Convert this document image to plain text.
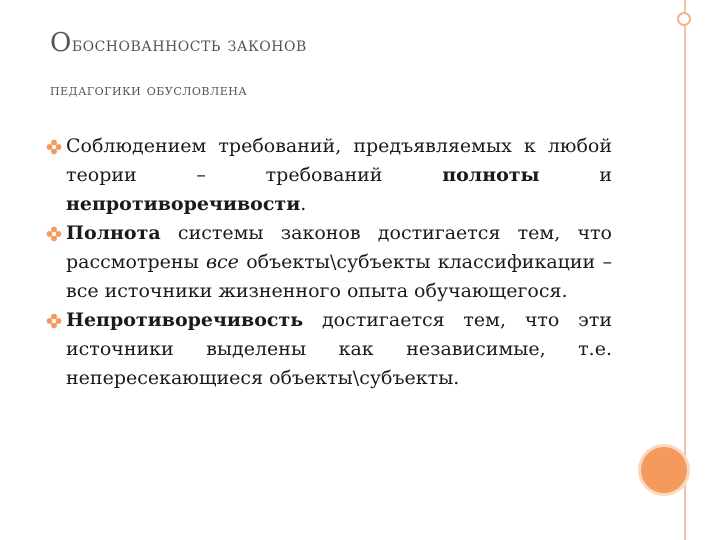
Обоснованность законов
педагогики обусловлена
Соблюдением требований, предъявляемых к любой теории – требований полноты и непротиворечивости.
Полнота системы законов достигается тем, что рассмотрены все объекты\субъекты классификации – все источники жизненного опыта обучающегося.
Непротиворечивость достигается тем, что эти источники выделены как независимые, т.е. непересекающиеся объекты\субъекты.
